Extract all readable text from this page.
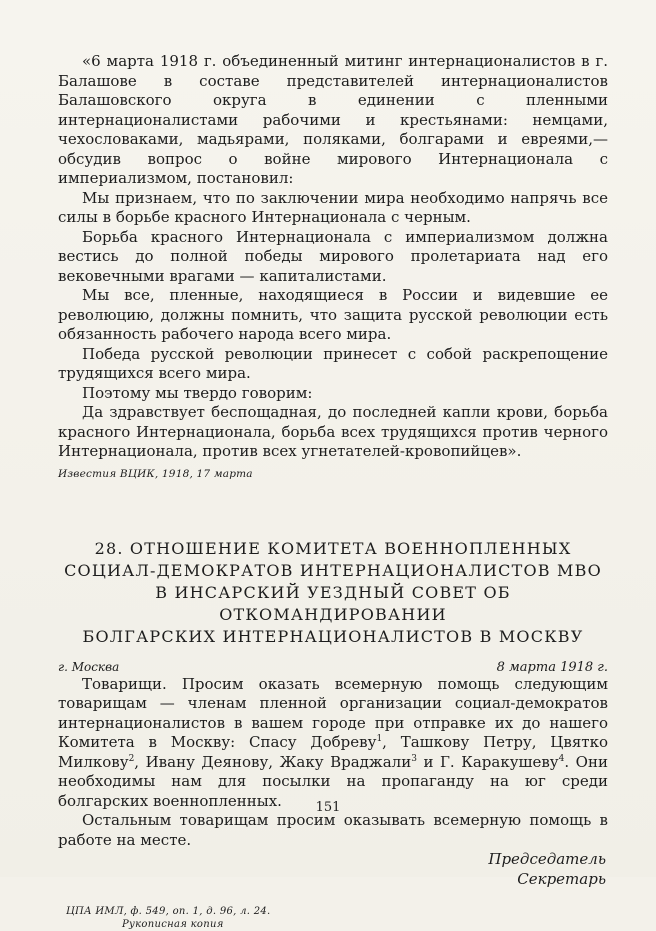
«6 марта 1918 г. объединенный митинг интернационалистов в г. Балашове в составе представителей интернационалистов Балашовского округа в единении с пленными интернационалистами рабочими и крестьянами: немцами, чехословаками, мадьярами, поляками, болгарами и евреями,— обсудив вопрос о войне мирового Интернационала с империализмом, постановил:

Мы признаем, что по заключении мира необходимо напрячь все силы в борьбе красного Интернационала с черным.

Борьба красного Интернационала с империализмом должна вестись до полной победы мирового пролетариата над его вековечными врагами — капиталистами.

Мы все, пленные, находящиеся в России и видевшие ее революцию, должны помнить, что защита русской революции есть обязанность рабочего народа всего мира.

Победа русской революции принесет с собой раскрепощение трудящихся всего мира.

Поэтому мы твердо говорим:

Да здравствует беспощадная, до последней капли крови, борьба красного Интернационала, борьба всех трудящихся против черного Интернационала, против всех угнетателей-кровопийцев».

Известия ВЦИК, 1918, 17 марта

28. ОТНОШЕНИЕ КОМИТЕТА ВОЕННОПЛЕННЫХ
СОЦИАЛ-ДЕМОКРАТОВ ИНТЕРНАЦИОНАЛИСТОВ МВО
В ИНСАРСКИЙ УЕЗДНЫЙ СОВЕТ ОБ ОТКОМАНДИРОВАНИИ
БОЛГАРСКИХ ИНТЕРНАЦИОНАЛИСТОВ В МОСКВУ
г. Москва	8 марта 1918 г.

Товарищи. Просим оказать всемерную помощь следующим товарищам — членам пленной организации социал-демократов интернационалистов в вашем городе при отправке их до нашего Комитета в Москву: Спасу Добреву$^1$, Ташкову Петру, Цвятко Милкову$^2$, Ивану Деянову, Жаку Враджали$^3$ и Г. Каракушеву$^4$. Они необходимы нам для посылки на пропаганду на юг среди болгарских военнопленных.

Остальным товарищам просим оказывать всемерную помощь в работе на месте.

Председатель
Секретарь
ЦПА ИМЛ, ф. 549, оп. 1, д. 96, л. 24.
Рукописная копия
151
